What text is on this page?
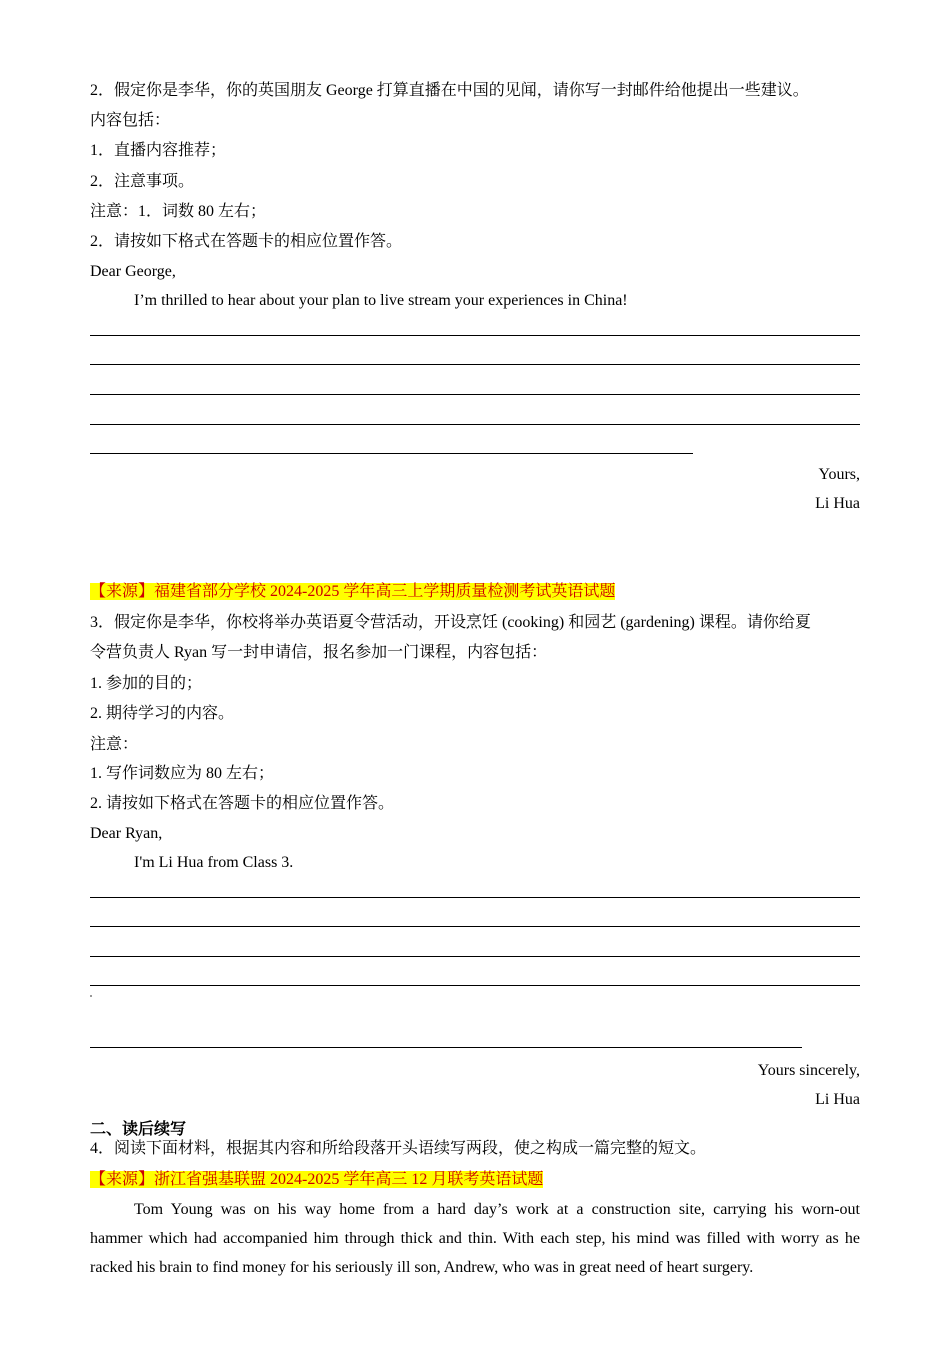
2．假定你是李华，你的英国朋友 George 打算直播在中国的见闻，请你写一封邮件给他提出一些建议。
内容包括：
1．直播内容推荐；
2．注意事项。
注意：1．词数 80 左右；
2．请按如下格式在答题卡的相应位置作答。
Dear George,
I’m thrilled to hear about your plan to live stream your experiences in China!
Yours,
Li Hua
【来源】福建省部分学校 2024-2025 学年高三上学期质量检测考试英语试题
3．假定你是李华，你校将举办英语夏令营活动，开设烹饪 (cooking) 和园艺 (gardening) 课程。请你给夏
令营负责人 Ryan 写一封申请信，报名参加一门课程，内容包括：
1. 参加的目的；
2. 期待学习的内容。
注意：
1. 写作词数应为 80 左右；
2. 请按如下格式在答题卡的相应位置作答。
Dear Ryan,
I'm Li Hua from Class 3.
Yours sincerely,
Li Hua
二、读后续写
4．阅读下面材料，根据其内容和所给段落开头语续写两段，使之构成一篇完整的短文。
【来源】浙江省强基联盟 2024-2025 学年高三 12 月联考英语试题
Tom Young was on his way home from a hard day’s work at a construction site, carrying his worn-out
hammer which had accompanied him through thick and thin. With each step, his mind was filled with worry as he
racked his brain to find money for his seriously ill son, Andrew, who was in great need of heart surgery.
